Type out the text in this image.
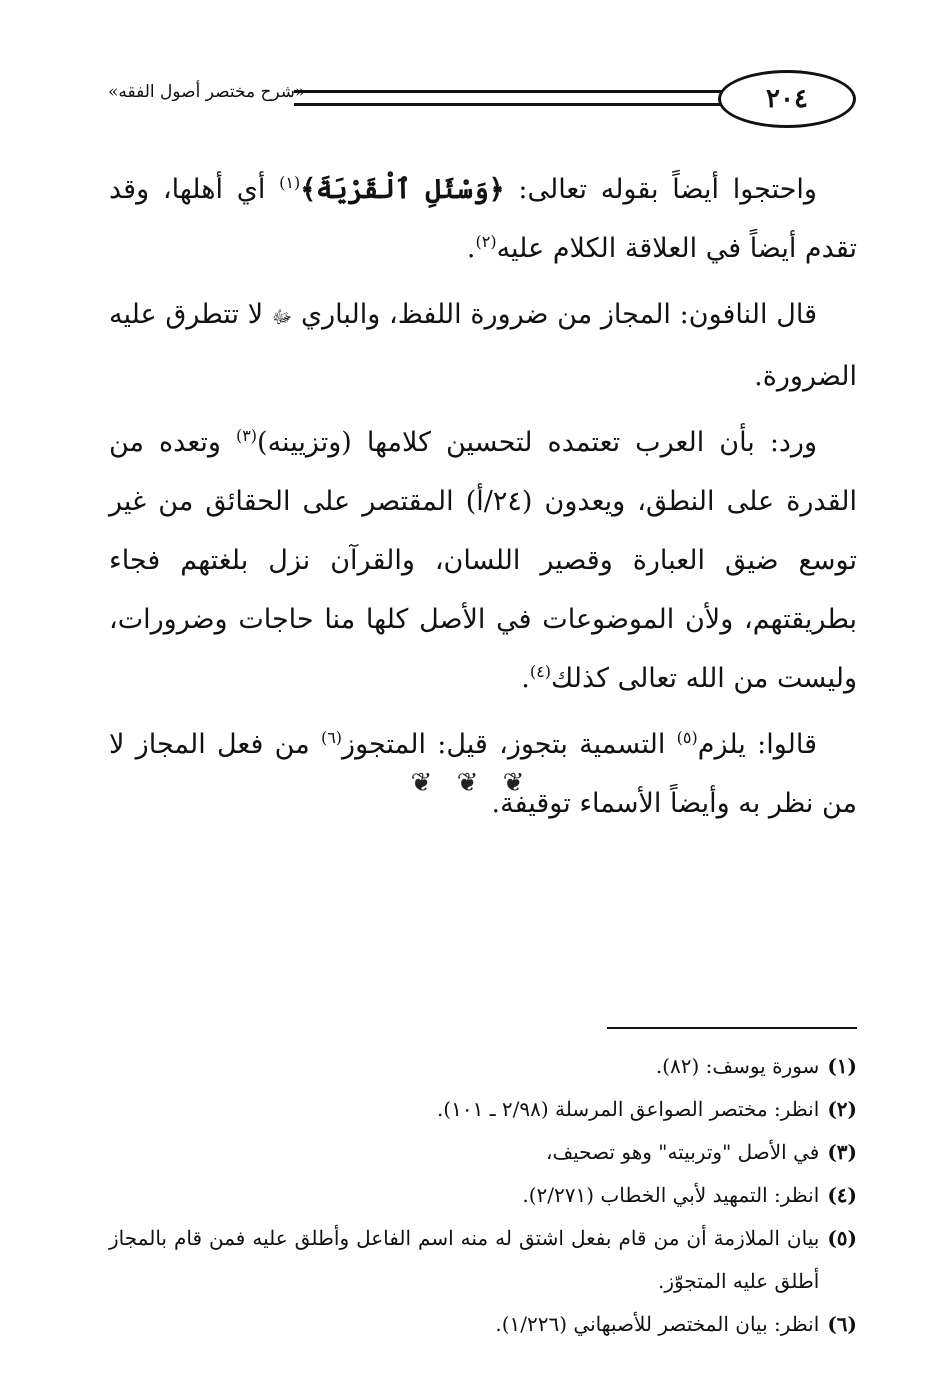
٢٠٤
«شرح مختصر أصول الفقه»

واحتجوا أيضاً بقوله تعالى: ﴿وَسْئَلِ ٱلْقَرْيَةَ﴾$^{(١)}$ أي أهلها، وقد تقدم أيضاً في العلاقة الكلام عليه$^{(٢)}$.

قال النافون: المجاز من ضرورة اللفظ، والباري ﷻ لا تتطرق عليه الضرورة.

ورد: بأن العرب تعتمده لتحسين كلامها (وتزيينه)$^{(٣)}$ وتعده من القدرة على النطق، ويعدون (٢٤/أ) المقتصر على الحقائق من غير توسع ضيق العبارة وقصير اللسان، والقرآن نزل بلغتهم فجاء بطريقتهم، ولأن الموضوعات في الأصل كلها منا حاجات وضرورات، وليست من الله تعالى كذلك$^{(٤)}$.

قالوا: يلزم$^{(٥)}$ التسمية بتجوز، قيل: المتجوز$^{(٦)}$ من فعل المجاز لا من نظر به وأيضاً الأسماء توقيفة.

❦ ❦ ❦
(١)
سورة يوسف: (٨٢).
(٢)
انظر: مختصر الصواعق المرسلة (٢/٩٨ ـ ١٠١).
(٣)
في الأصل "وتربيته" وهو تصحيف،
(٤)
انظر: التمهيد لأبي الخطاب (٢/٢٧١).
(٥)
بيان الملازمة أن من قام بفعل اشتق له منه اسم الفاعل وأطلق عليه فمن قام بالمجاز أطلق عليه المتجوّز.
(٦)
انظر: بيان المختصر للأصبهاني (١/٢٢٦).
